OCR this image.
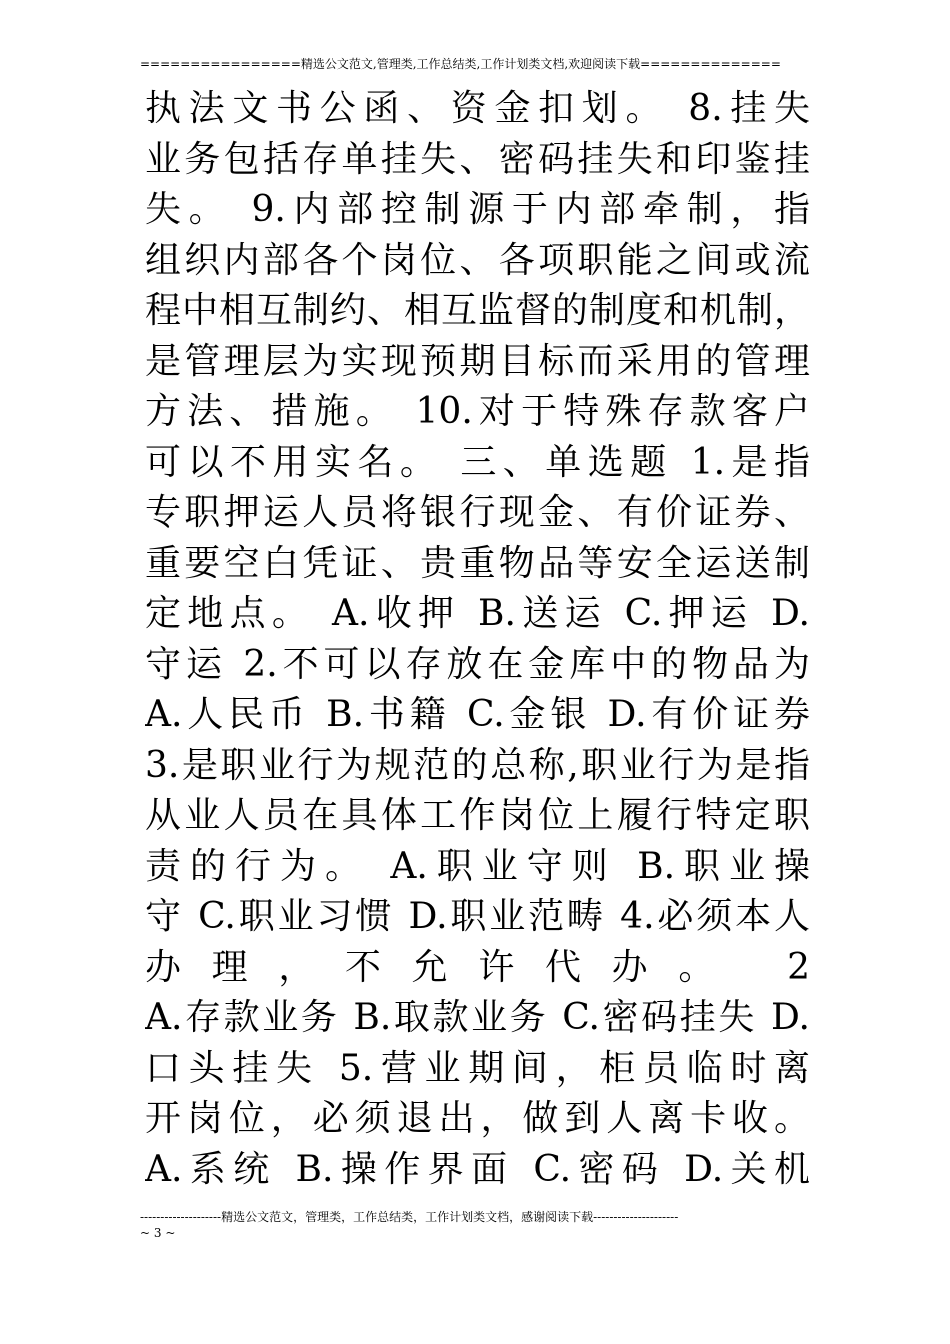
================精选公文范文,管理类,工作总结类,工作计划类文档,欢迎阅读下载==============
执法文书公函、资金扣划。 8.挂失
业务包括存单挂失、密码挂失和印鉴挂
失。 9.内部控制源于内部牵制，指
组织内部各个岗位、各项职能之间或流
程中相互制约、相互监督的制度和机制，
是管理层为实现预期目标而采用的管理
方法、措施。 10.对于特殊存款客户
可以不用实名。 三、单选题 1.是指
专职押运人员将银行现金、有价证券、
重要空白凭证、贵重物品等安全运送制
定地点。 A.收押 B.送运 C.押运 D.
守运 2.不可以存放在金库中的物品为
A.人民币 B.书籍 C.金银 D.有价证券
3.是职业行为规范的总称,职业行为是指
从业人员在具体工作岗位上履行特定职
责的行为。 A.职业守则 B.职业操
守 C.职业习惯 D.职业范畴 4.必须本人
办理，不允许代办。 2
A.存款业务 B.取款业务 C.密码挂失 D.
口头挂失 5.营业期间，柜员临时离
开岗位，必须退出，做到人离卡收。
A.系统 B.操作界面 C.密码 D.关机
--------------------精选公文范文，管理类，工作总结类，工作计划类文档，感谢阅读下载---------------------
~ 3 ~
